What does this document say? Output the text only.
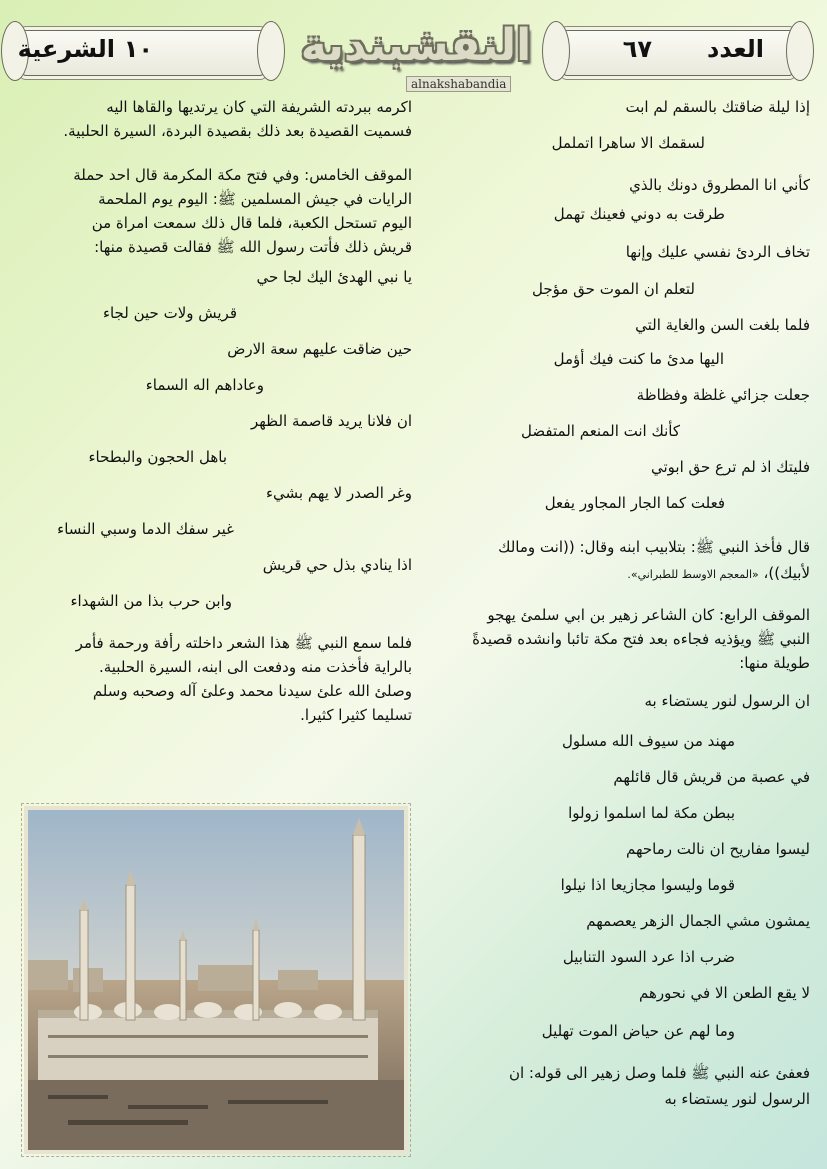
العدد
٦٧
النقشبندية
alnakshabandia
١٠
الشرعية
إذا ليلة ضاقتك بالسقم لم ابت
لسقمك الا ساهرا اتململ
كأني انا المطروق دونك بالذي
طرقت به دوني فعينك تهمل
تخاف الردئ نفسي عليك وإنها
لتعلم ان الموت حق مؤجل
فلما بلغت السن والغاية التي
اليها مدئ ما كنت فيك أؤمل
جعلت جزائي غلظة وفظاظة
كأنك انت المنعم المتفضل
فليتك اذ لم ترع حق ابوتي
فعلت كما الجار المجاور يفعل
قال فأخذ النبي ﷺ: بتلابيب ابنه وقال: ((انت ومالك
لأبيك))، «المعجم الاوسط للطبراني».
الموقف الرابع: كان الشاعر زهير بن ابي سلمئ يهجو
النبي ﷺ ويؤذيه فجاءه بعد فتح مكة تائبا وانشده قصيدةً
طويلة منها:
ان الرسول لنور يستضاء به
مهند من سيوف الله مسلول
في عصبة من قريش قال قائلهم
ببطن مكة لما اسلموا زولوا
ليسوا مفاريح ان نالت رماحهم
قوما وليسوا مجازيعا اذا نيلوا
يمشون مشي الجمال الزهر يعصمهم
ضرب اذا عرد السود التنابيل
لا يقع الطعن الا في نحورهم
وما لهم عن حياض الموت تهليل
فعفئ عنه النبي ﷺ فلما وصل زهير الى قوله: ان
الرسول لنور يستضاء به
اكرمه ببردته الشريفة التي كان يرتديها والقاها اليه
فسميت القصيدة بعد ذلك بقصيدة البردة، السيرة الحلبية.
الموقف الخامس: وفي فتح مكة المكرمة قال احد حملة
الرايات في جيش المسلمين ﷺ: اليوم يوم الملحمة
اليوم تستحل الكعبة، فلما قال ذلك سمعت امراة من
قريش ذلك فأتت رسول الله ﷺ فقالت قصيدة منها:
يا نبي الهدئ اليك لجا حي
قريش ولات حين لجاء
حين ضاقت عليهم سعة الارض
وعاداهم اله السماء
ان فلانا يريد قاصمة الظهر
باهل الحجون والبطحاء
وغر الصدر لا يهم بشيء
غير سفك الدما وسبي النساء
اذا ينادي بذل حي قريش
وابن حرب بذا من الشهداء
فلما سمع النبي ﷺ هذا الشعر داخلته رأفة ورحمة فأمر
بالراية فأخذت منه ودفعت الى ابنه، السيرة الحلبية.
وصلئ الله علئ سيدنا محمد وعلئ آله وصحبه وسلم
تسليما كثيرا كثيرا.
